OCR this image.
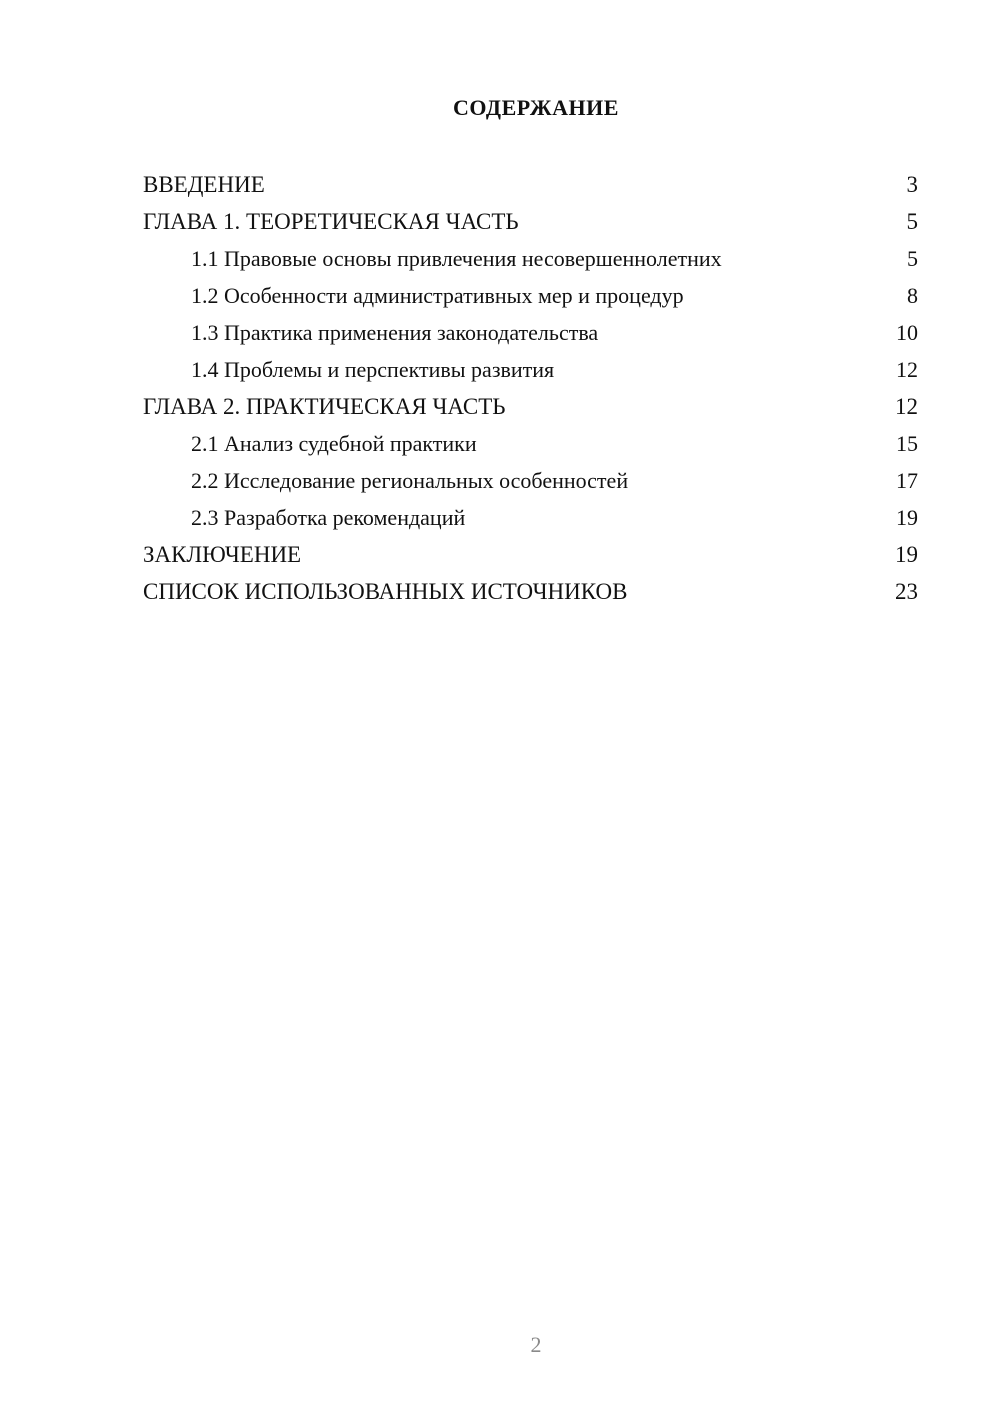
СОДЕРЖАНИЕ
ВВЕДЕНИЕ	3
ГЛАВА 1. ТЕОРЕТИЧЕСКАЯ ЧАСТЬ	5
1.1 Правовые основы привлечения несовершеннолетних	5
1.2 Особенности административных мер и процедур	8
1.3 Практика применения законодательства	10
1.4 Проблемы и перспективы развития	12
ГЛАВА 2. ПРАКТИЧЕСКАЯ ЧАСТЬ	12
2.1 Анализ судебной практики	15
2.2 Исследование региональных особенностей	17
2.3 Разработка рекомендаций	19
ЗАКЛЮЧЕНИЕ	19
СПИСОК ИСПОЛЬЗОВАННЫХ ИСТОЧНИКОВ	23
2
